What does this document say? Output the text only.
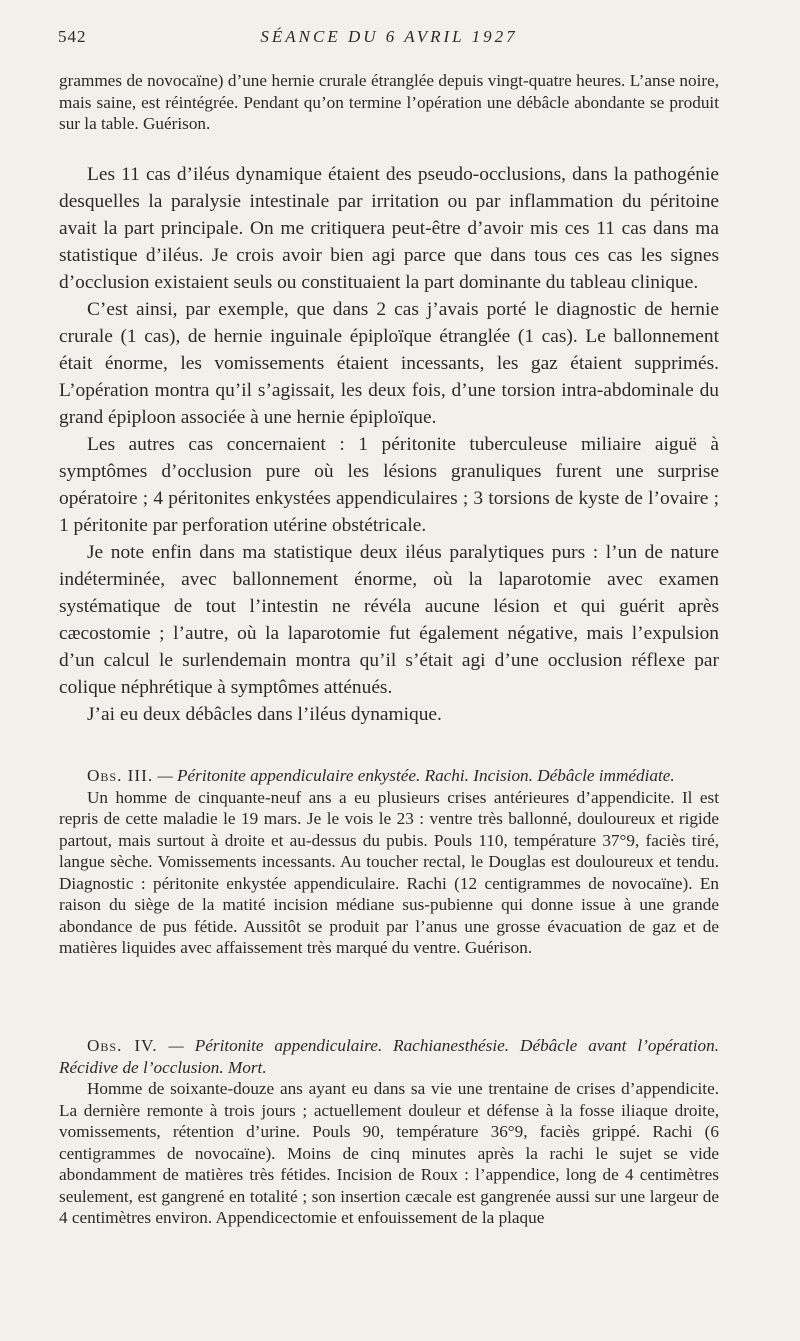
542	SÉANCE DU 6 AVRIL 1927

grammes de novocaïne) d’une hernie crurale étranglée depuis vingt-quatre heures. L’anse noire, mais saine, est réintégrée. Pendant qu’on termine l’opération une débâcle abondante se produit sur la table. Guérison.

Les 11 cas d’iléus dynamique étaient des pseudo-occlusions, dans la pathogénie desquelles la paralysie intestinale par irritation ou par inflammation du péritoine avait la part principale. On me critiquera peut-être d’avoir mis ces 11 cas dans ma statistique d’iléus. Je crois avoir bien agi parce que dans tous ces cas les signes d’occlusion existaient seuls ou constituaient la part dominante du tableau clinique.

C’est ainsi, par exemple, que dans 2 cas j’avais porté le diagnostic de hernie crurale (1 cas), de hernie inguinale épiploïque étranglée (1 cas). Le ballonnement était énorme, les vomissements étaient incessants, les gaz étaient supprimés. L’opération montra qu’il s’agissait, les deux fois, d’une torsion intra-abdominale du grand épiploon associée à une hernie épiploïque.

Les autres cas concernaient : 1 péritonite tuberculeuse miliaire aiguë à symptômes d’occlusion pure où les lésions granuliques furent une surprise opératoire ; 4 péritonites enkystées appendiculaires ; 3 torsions de kyste de l’ovaire ; 1 péritonite par perforation utérine obstétricale.

Je note enfin dans ma statistique deux iléus paralytiques purs : l’un de nature indéterminée, avec ballonnement énorme, où la laparotomie avec examen systématique de tout l’intestin ne révéla aucune lésion et qui guérit après cæcostomie ; l’autre, où la laparotomie fut également négative, mais l’expulsion d’un calcul le surlendemain montra qu’il s’était agi d’une occlusion réflexe par colique néphrétique à symptômes atténués.

J’ai eu deux débâcles dans l’iléus dynamique.

Obs. III. — Péritonite appendiculaire enkystée. Rachi. Incision. Débâcle immédiate.

Un homme de cinquante-neuf ans a eu plusieurs crises antérieures d’appendicite. Il est repris de cette maladie le 19 mars. Je le vois le 23 : ventre très ballonné, douloureux et rigide partout, mais surtout à droite et au-dessus du pubis. Pouls 110, température 37°9, faciès tiré, langue sèche. Vomissements incessants. Au toucher rectal, le Douglas est douloureux et tendu. Diagnostic : péritonite enkystée appendiculaire. Rachi (12 centigrammes de novocaïne). En raison du siège de la matité incision médiane sus-pubienne qui donne issue à une grande abondance de pus fétide. Aussitôt se produit par l’anus une grosse évacuation de gaz et de matières liquides avec affaissement très marqué du ventre. Guérison.

Obs. IV. — Péritonite appendiculaire. Rachianesthésie. Débâcle avant l’opération. Récidive de l’occlusion. Mort.

Homme de soixante-douze ans ayant eu dans sa vie une trentaine de crises d’appendicite. La dernière remonte à trois jours ; actuellement douleur et défense à la fosse iliaque droite, vomissements, rétention d’urine. Pouls 90, température 36°9, faciès grippé. Rachi (6 centigrammes de novocaïne). Moins de cinq minutes après la rachi le sujet se vide abondamment de matières très fétides. Incision de Roux : l’appendice, long de 4 centimètres seulement, est gangrené en totalité ; son insertion cæcale est gangrenée aussi sur une largeur de 4 centimètres environ. Appendicectomie et enfouissement de la plaque
